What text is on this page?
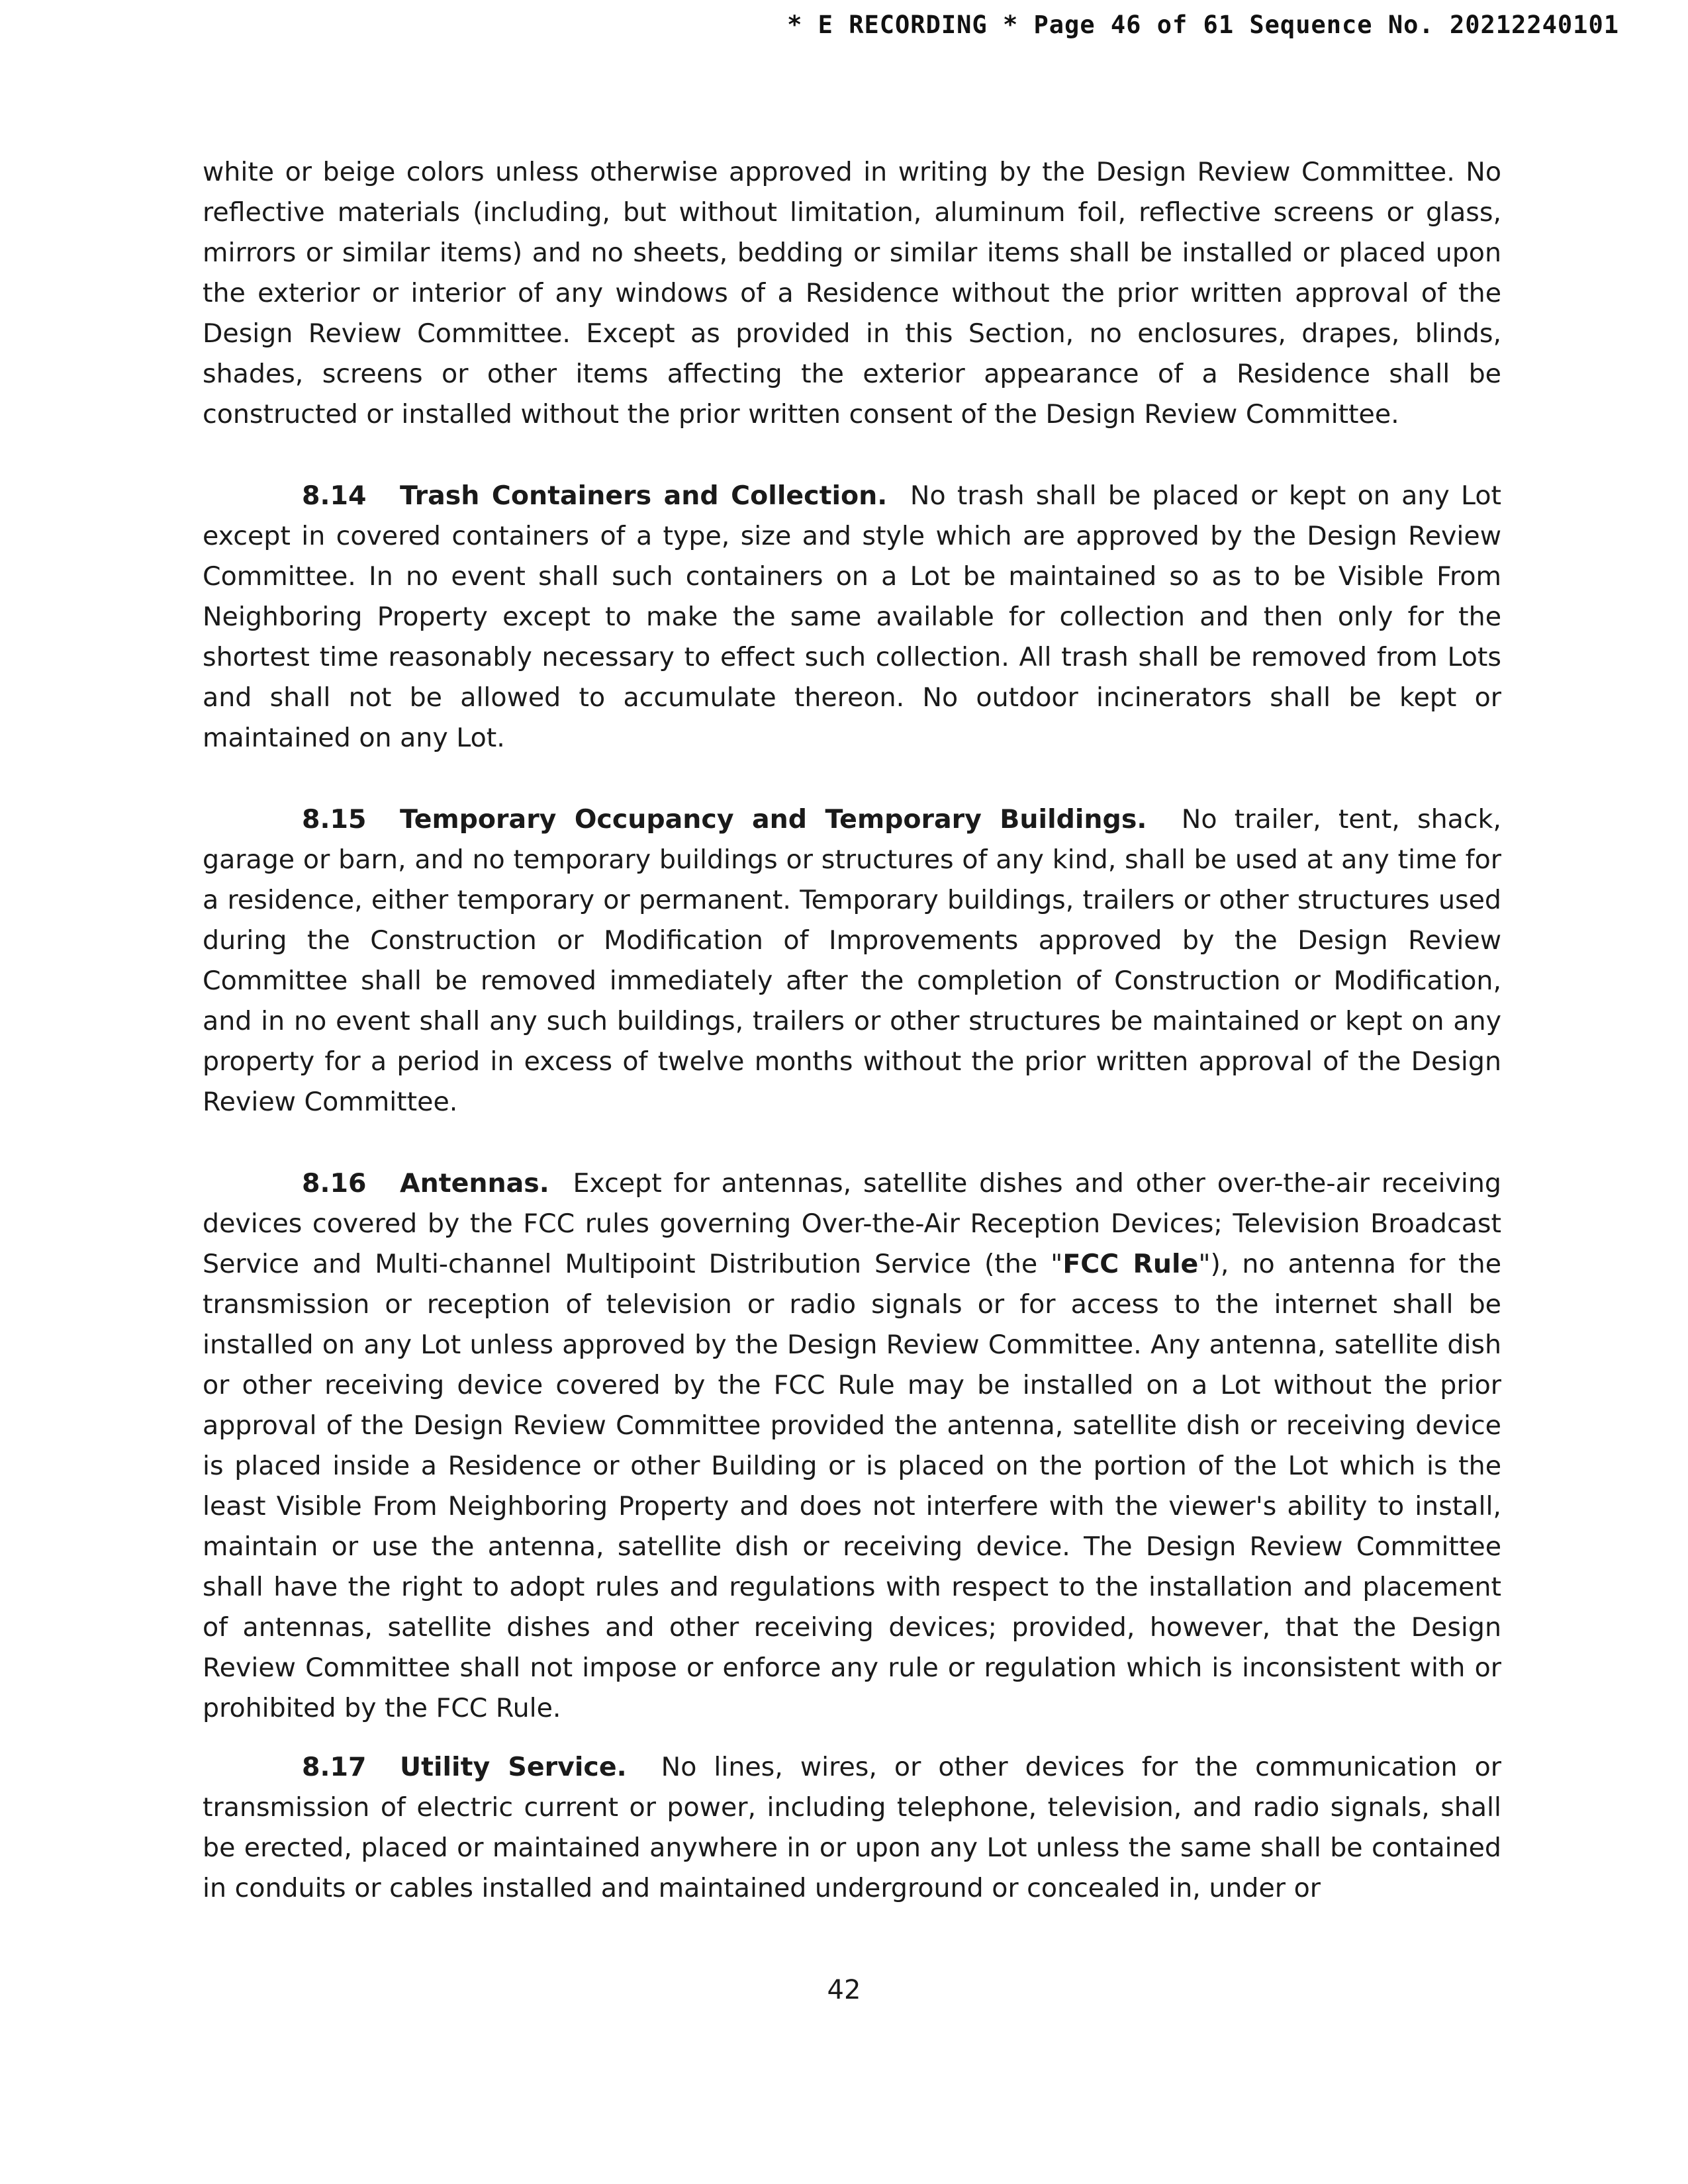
* E RECORDING * Page 46 of 61 Sequence No. 20212240101

white or beige colors unless otherwise approved in writing by the Design Review Committee. No reflective materials (including, but without limitation, aluminum foil, reflective screens or glass, mirrors or similar items) and no sheets, bedding or similar items shall be installed or placed upon the exterior or interior of any windows of a Residence without the prior written approval of the Design Review Committee. Except as provided in this Section, no enclosures, drapes, blinds, shades, screens or other items affecting the exterior appearance of a Residence shall be constructed or installed without the prior written consent of the Design Review Committee.

8.14 Trash Containers and Collection. No trash shall be placed or kept on any Lot except in covered containers of a type, size and style which are approved by the Design Review Committee. In no event shall such containers on a Lot be maintained so as to be Visible From Neighboring Property except to make the same available for collection and then only for the shortest time reasonably necessary to effect such collection. All trash shall be removed from Lots and shall not be allowed to accumulate thereon. No outdoor incinerators shall be kept or maintained on any Lot.

8.15 Temporary Occupancy and Temporary Buildings. No trailer, tent, shack, garage or barn, and no temporary buildings or structures of any kind, shall be used at any time for a residence, either temporary or permanent. Temporary buildings, trailers or other structures used during the Construction or Modification of Improvements approved by the Design Review Committee shall be removed immediately after the completion of Construction or Modification, and in no event shall any such buildings, trailers or other structures be maintained or kept on any property for a period in excess of twelve months without the prior written approval of the Design Review Committee.

8.16 Antennas. Except for antennas, satellite dishes and other over-the-air receiving devices covered by the FCC rules governing Over-the-Air Reception Devices; Television Broadcast Service and Multi-channel Multipoint Distribution Service (the "FCC Rule"), no antenna for the transmission or reception of television or radio signals or for access to the internet shall be installed on any Lot unless approved by the Design Review Committee. Any antenna, satellite dish or other receiving device covered by the FCC Rule may be installed on a Lot without the prior approval of the Design Review Committee provided the antenna, satellite dish or receiving device is placed inside a Residence or other Building or is placed on the portion of the Lot which is the least Visible From Neighboring Property and does not interfere with the viewer's ability to install, maintain or use the antenna, satellite dish or receiving device. The Design Review Committee shall have the right to adopt rules and regulations with respect to the installation and placement of antennas, satellite dishes and other receiving devices; provided, however, that the Design Review Committee shall not impose or enforce any rule or regulation which is inconsistent with or prohibited by the FCC Rule.

8.17 Utility Service. No lines, wires, or other devices for the communication or transmission of electric current or power, including telephone, television, and radio signals, shall be erected, placed or maintained anywhere in or upon any Lot unless the same shall be contained in conduits or cables installed and maintained underground or concealed in, under or

42
